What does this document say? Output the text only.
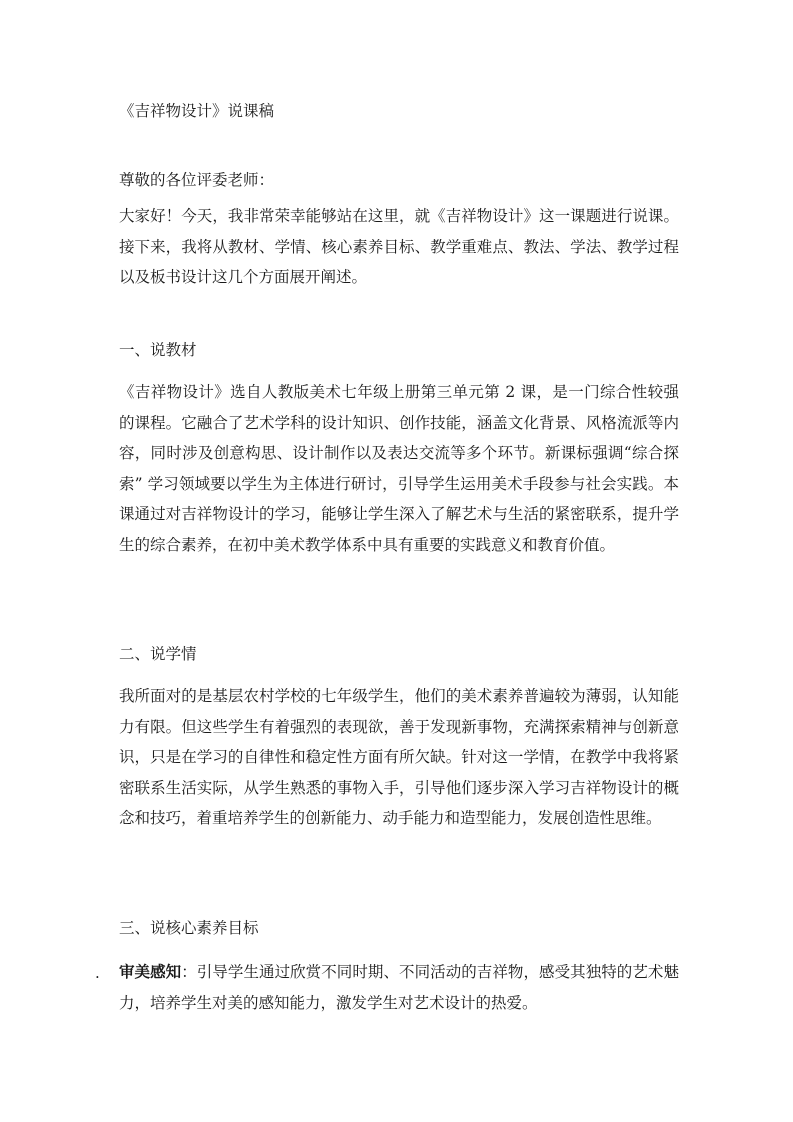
《吉祥物设计》说课稿

尊敬的各位评委老师：

大家好！今天，我非常荣幸能够站在这里，就《吉祥物设计》这一课题进行说课。接下来，我将从教材、学情、核心素养目标、教学重难点、教法、学法、教学过程以及板书设计这几个方面展开阐述。

一、说教材

《吉祥物设计》选自人教版美术七年级上册第三单元第 2 课，是一门综合性较强的课程。它融合了艺术学科的设计知识、创作技能，涵盖文化背景、风格流派等内容，同时涉及创意构思、设计制作以及表达交流等多个环节。新课标强调“综合探索” 学习领域要以学生为主体进行研讨，引导学生运用美术手段参与社会实践。本课通过对吉祥物设计的学习，能够让学生深入了解艺术与生活的紧密联系，提升学生的综合素养，在初中美术教学体系中具有重要的实践意义和教育价值。

二、说学情

我所面对的是基层农村学校的七年级学生，他们的美术素养普遍较为薄弱，认知能力有限。但这些学生有着强烈的表现欲，善于发现新事物，充满探索精神与创新意识，只是在学习的自律性和稳定性方面有所欠缺。针对这一学情，在教学中我将紧密联系生活实际，从学生熟悉的事物入手，引导他们逐步深入学习吉祥物设计的概念和技巧，着重培养学生的创新能力、动手能力和造型能力，发展创造性思维。

三、说核心素养目标

. 审美感知：引导学生通过欣赏不同时期、不同活动的吉祥物，感受其独特的艺术魅力，培养学生对美的感知能力，激发学生对艺术设计的热爱。
